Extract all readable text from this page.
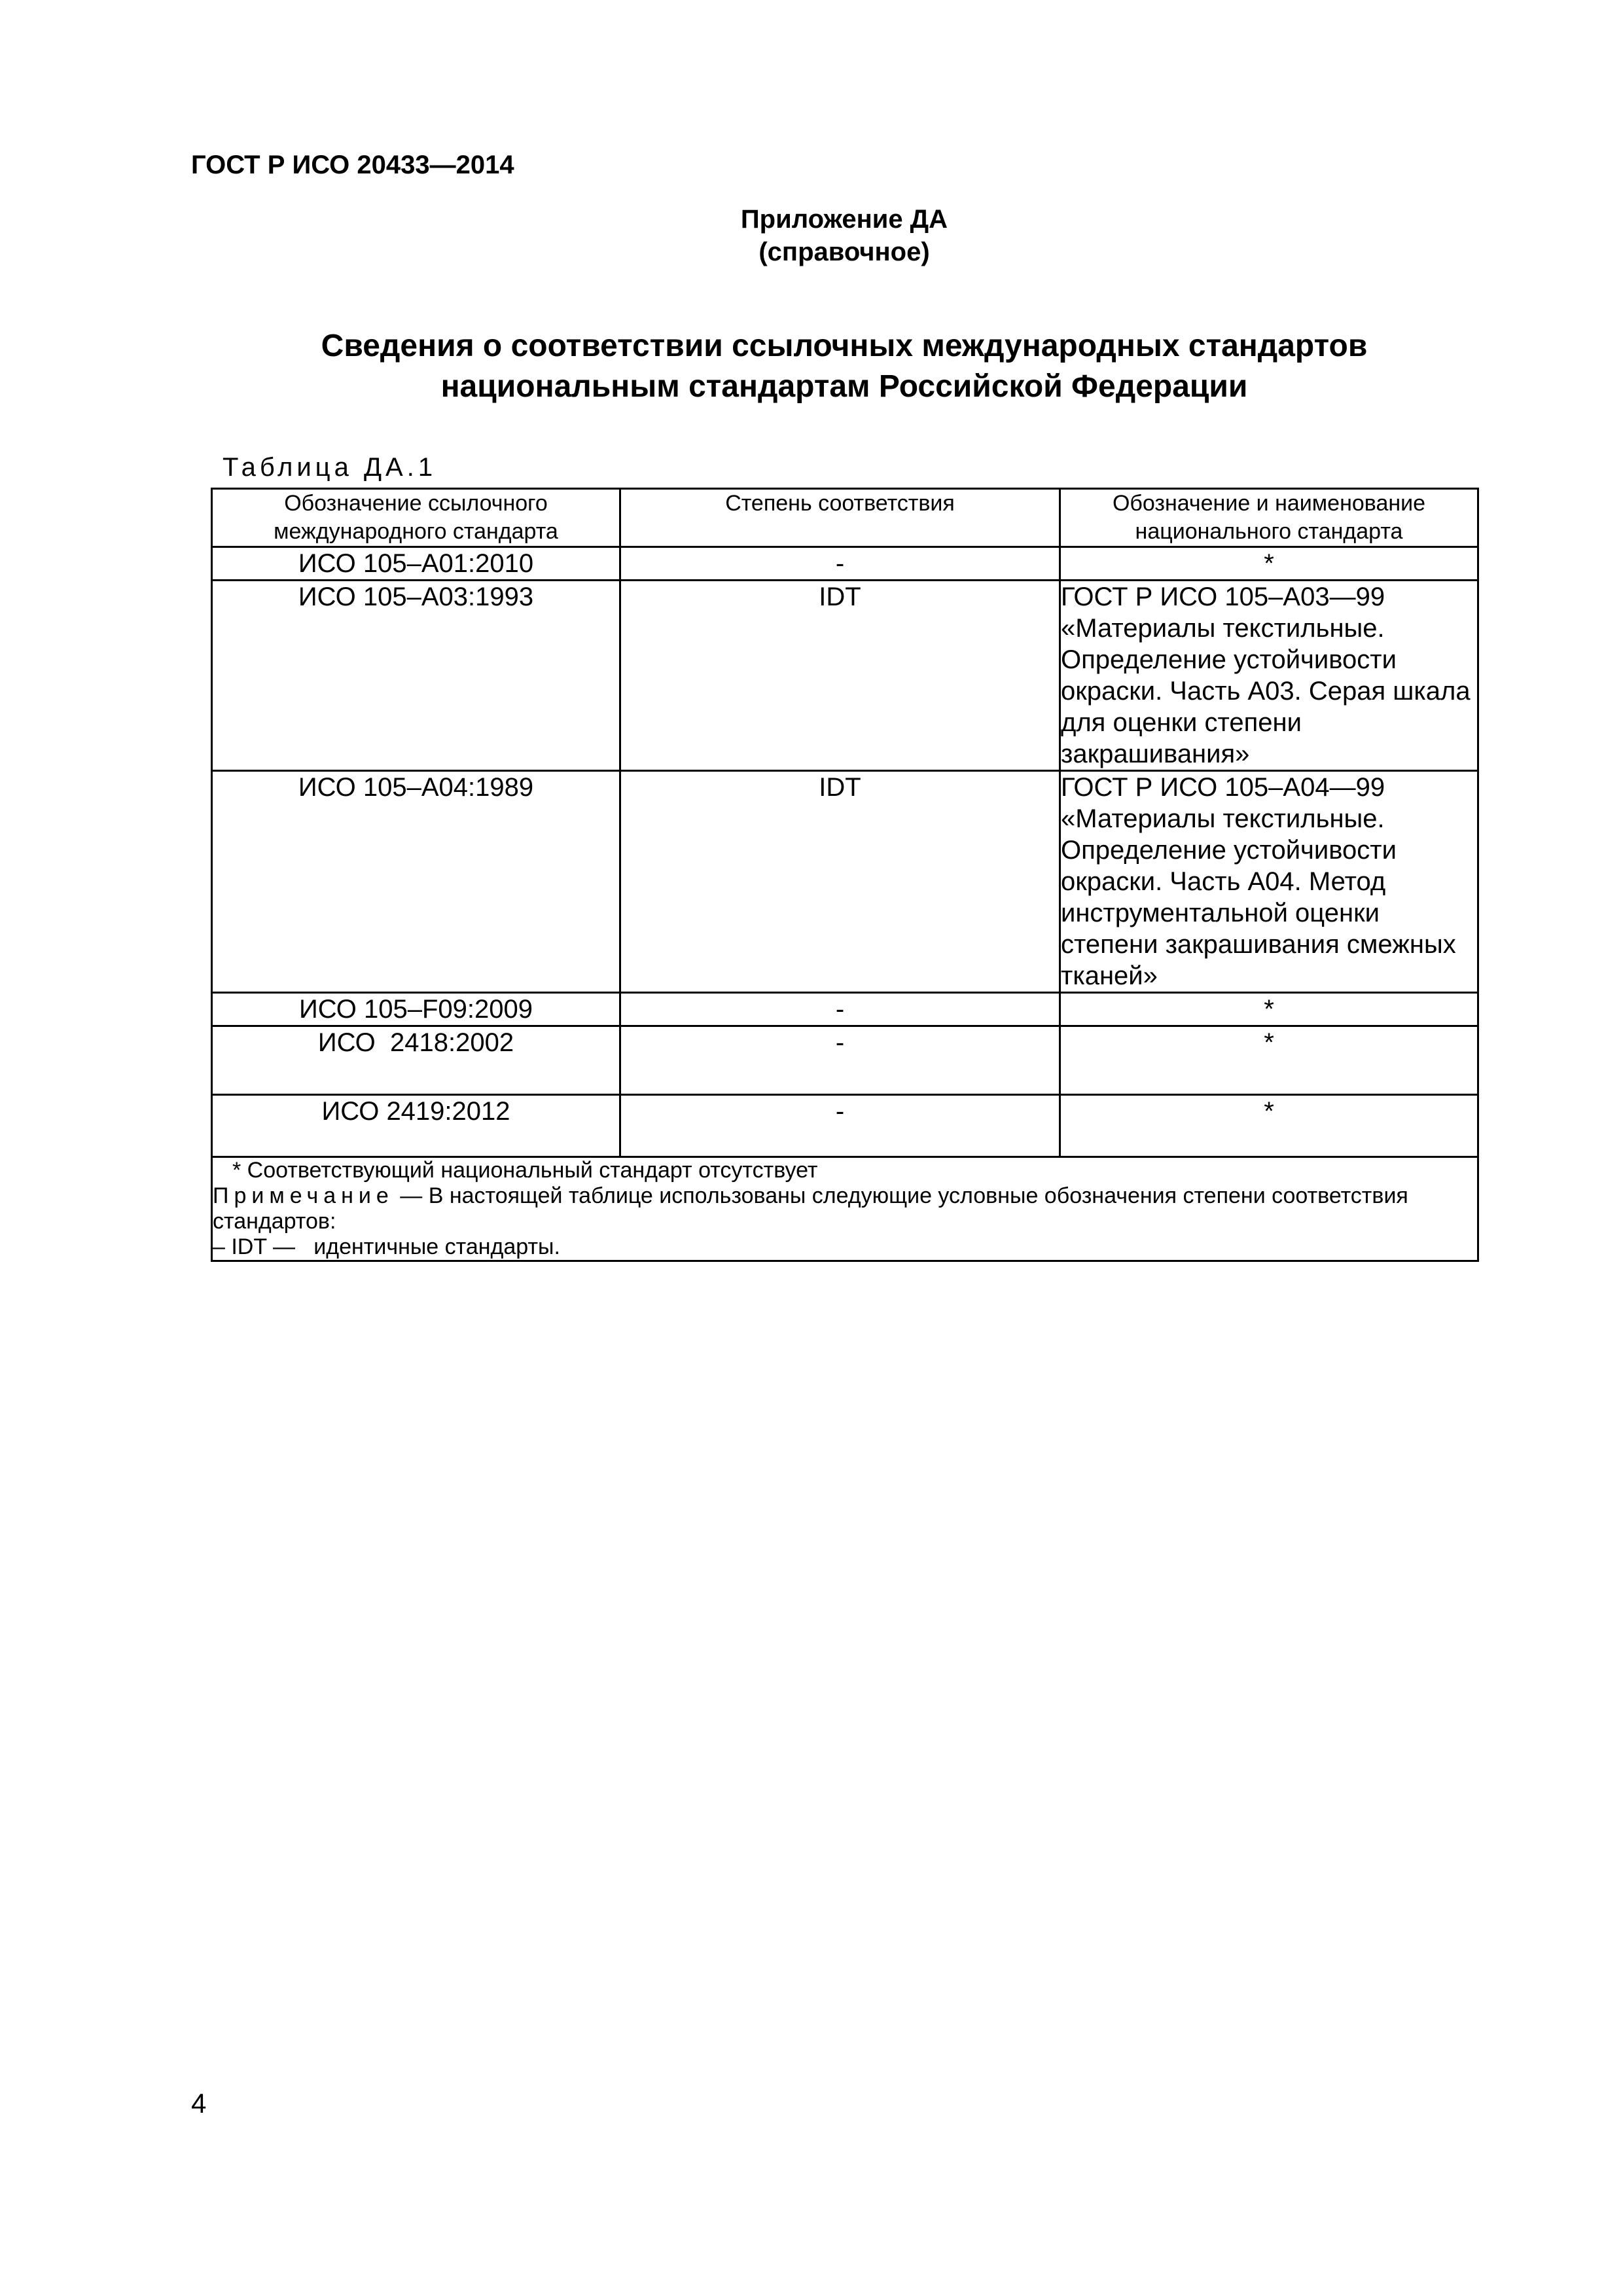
ГОСТ Р ИСО 20433—2014
Приложение ДА
(справочное)
Сведения о соответствии ссылочных международных стандартов
национальным стандартам Российской Федерации
Таблица ДА.1
Обозначение ссылочного международного стандарта	Степень соответствия	Обозначение и наименование национального стандарта
ИСО 105–А01:2010	-	*
ИСО 105–А03:1993	IDT	ГОСТ Р ИСО 105–А03—99 «Материалы текстильные. Определение устойчивости окраски. Часть А03. Серая шкала для оценки степени закрашивания»
ИСО 105–А04:1989	IDT	ГОСТ Р ИСО 105–А04—99 «Материалы текстильные. Определение устойчивости окраски. Часть А04. Метод инструментальной оценки степени закрашивания смежных тканей»
ИСО 105–F09:2009	-	*
ИСО  2418:2002	-	*
ИСО 2419:2012	-	*

* Соответствующий национальный стандарт отсутствует
Примечание — В настоящей таблице использованы следующие условные обозначения степени соответствия стандартов:
– IDT —   идентичные стандарты.		
4
